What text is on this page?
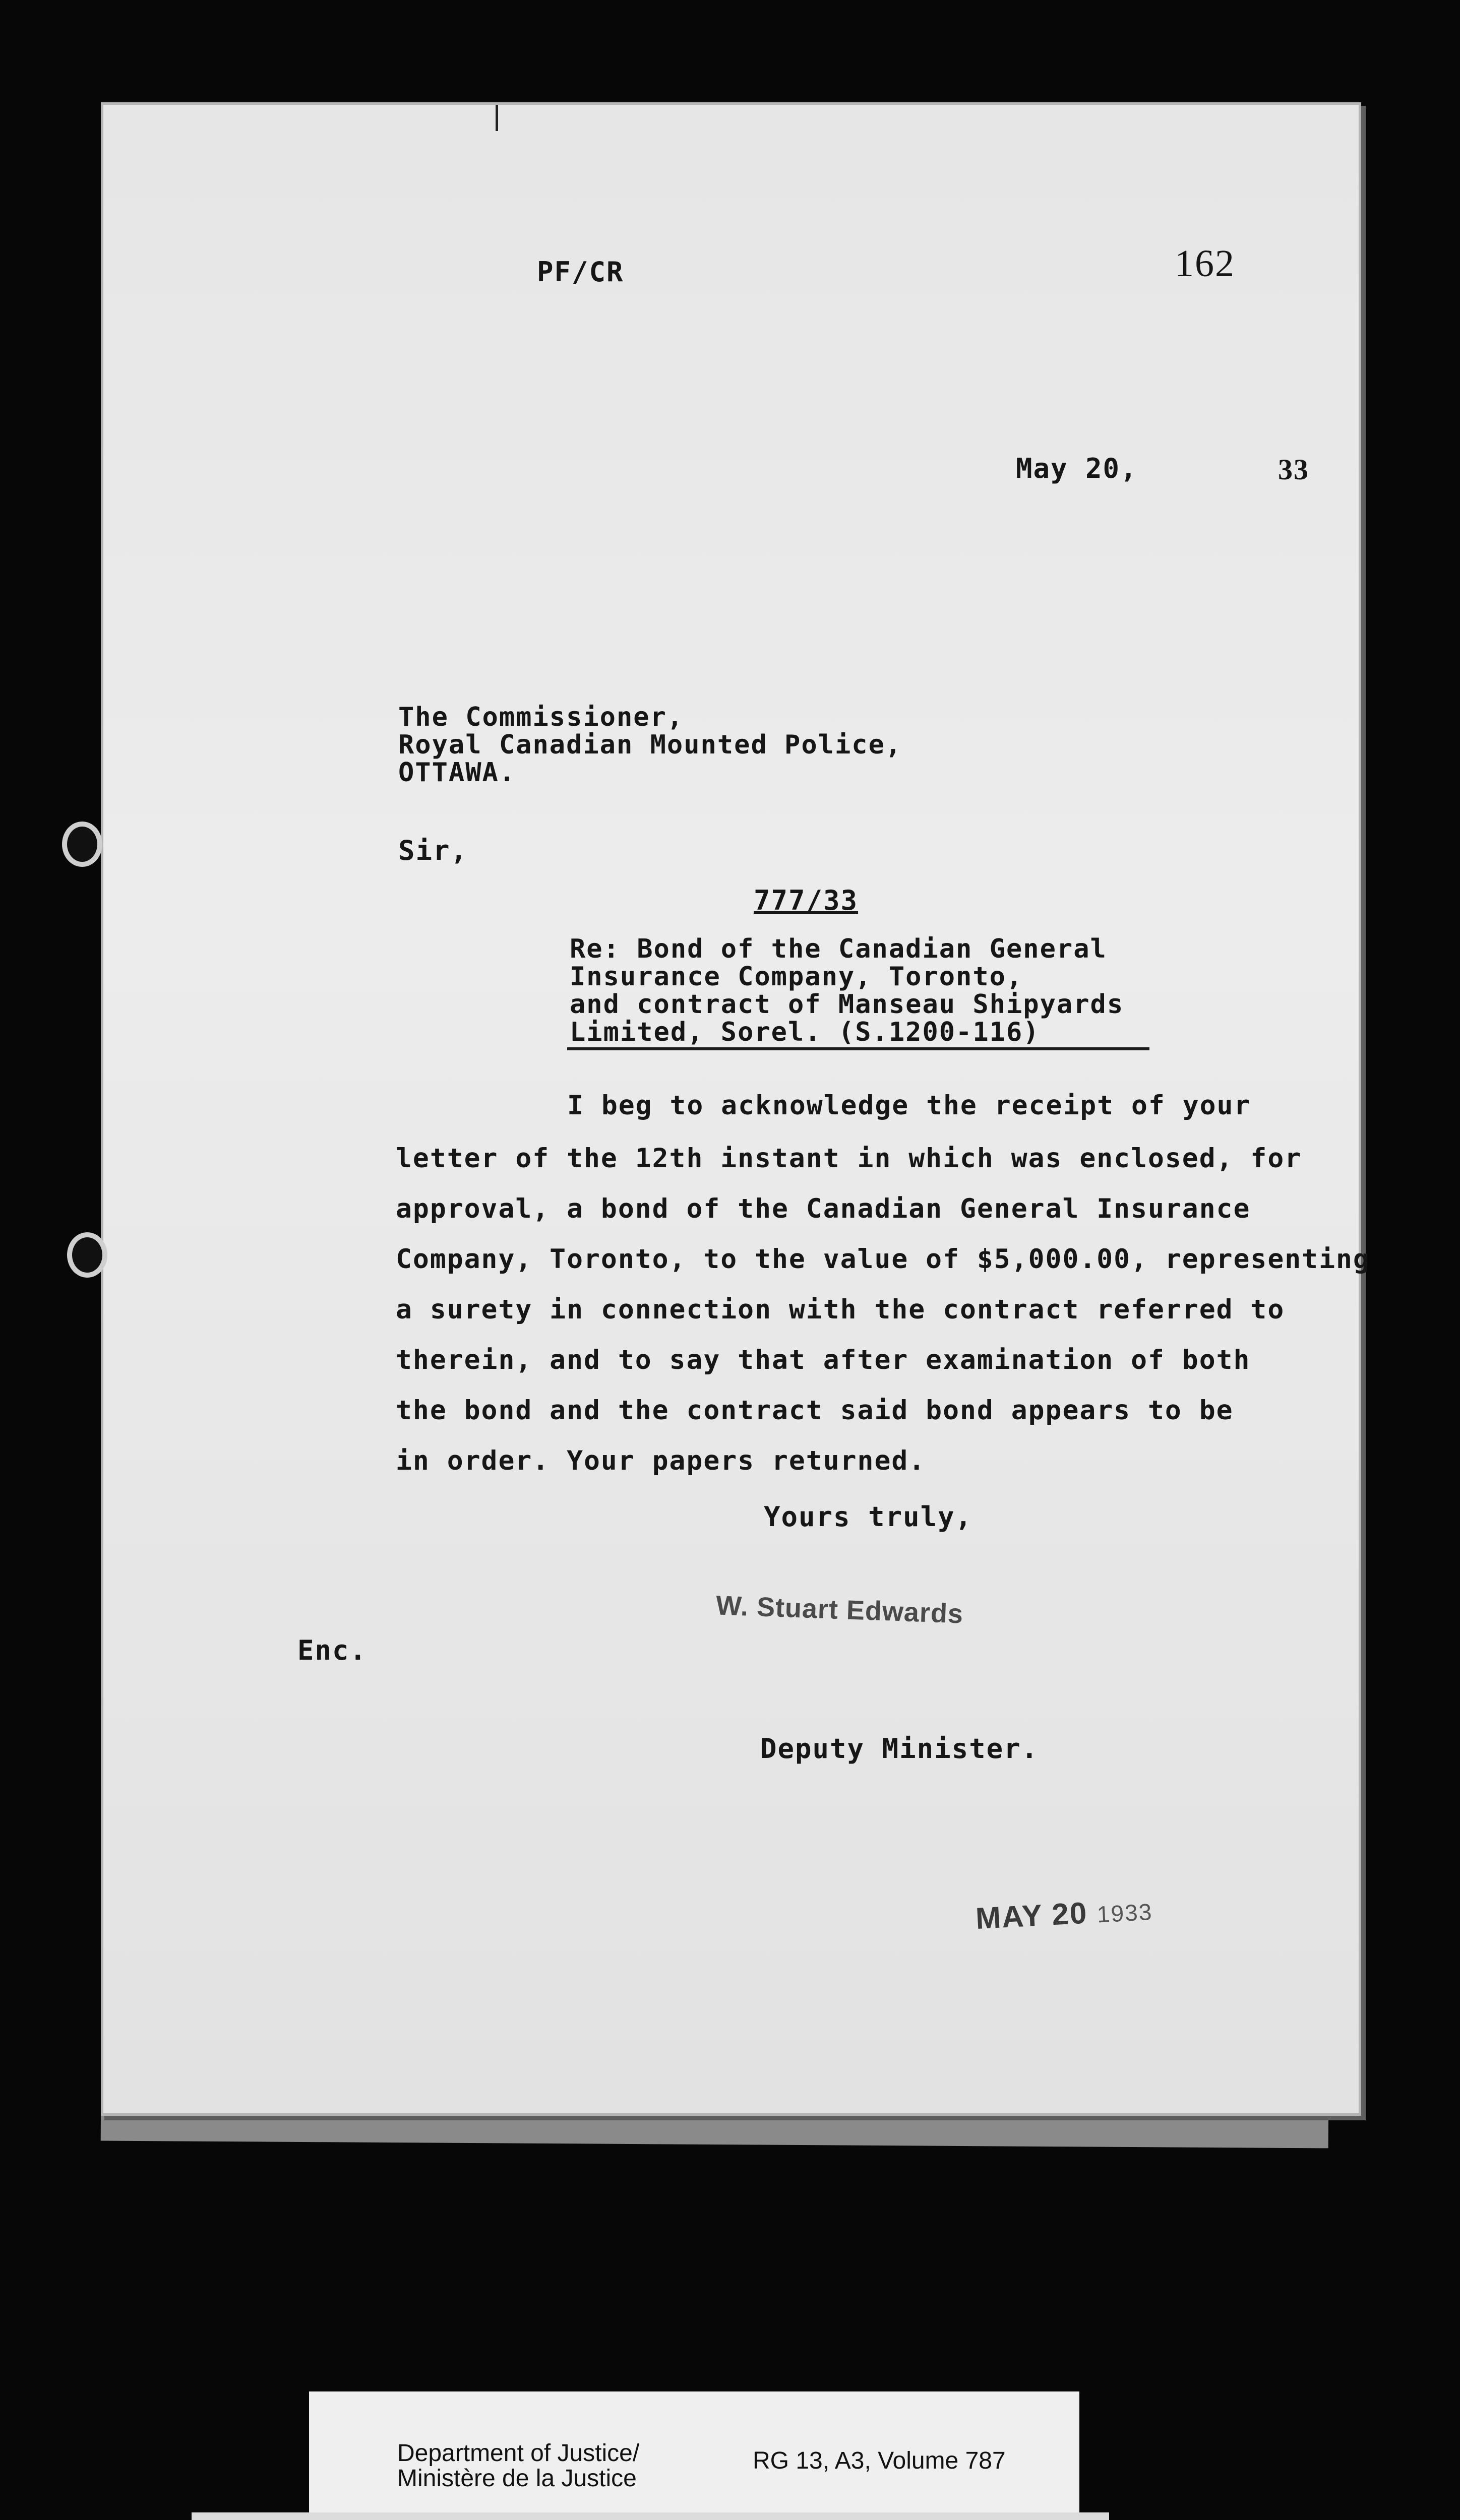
PF/CR	162
May 20,	33
The Commissioner,
Royal Canadian Mounted Police,
OTTAWA.
Sir,
777/33
Re: Bond of the Canadian General
Insurance Company, Toronto,
and contract of Manseau Shipyards
Limited, Sorel. (S.1200-116)
I beg to acknowledge the receipt of your
letter of the 12th instant in which was enclosed, for
approval, a bond of the Canadian General Insurance
Company, Toronto, to the value of $5,000.00, representing
a surety in connection with the contract referred to
therein, and to say that after examination of both
the bond and the contract said bond appears to be
in order. Your papers returned.
Yours truly,
W. Stuart Edwards
Enc.
Deputy Minister.
MAY 20 1933
Department of Justice/
Ministère de la Justice
RG 13, A3, Volume 787
